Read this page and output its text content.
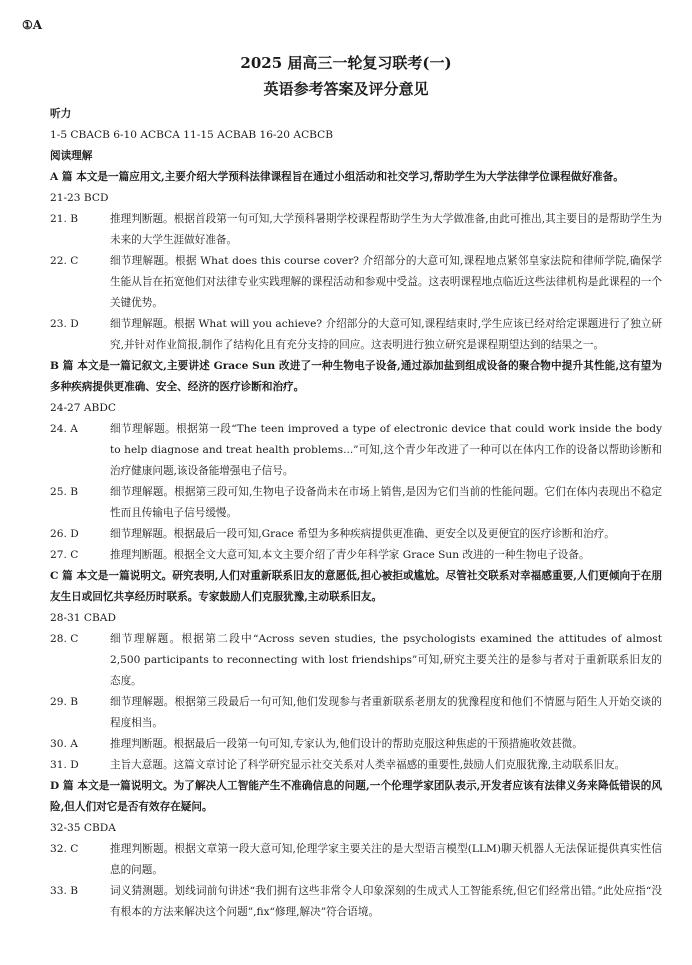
①A
2025 届高三一轮复习联考(一)
英语参考答案及评分意见
听力
1-5 CBACB 6-10 ACBCA 11-15 ACBAB 16-20 ACBCB
阅读理解
A 篇 本文是一篇应用文,主要介绍大学预科法律课程旨在通过小组活动和社交学习,帮助学生为大学法律学位课程做好准备。
21-23 BCD
21. B	推理判断题。根据首段第一句可知,大学预科暑期学校课程帮助学生为大学做准备,由此可推出,其主要目的是帮助学生为未来的大学生涯做好准备。
22. C	细节理解题。根据 What does this course cover? 介绍部分的大意可知,课程地点紧邻皇家法院和律师学院,确保学生能从旨在拓宽他们对法律专业实践理解的课程活动和参观中受益。这表明课程地点临近这些法律机构是此课程的一个关键优势。
23. D	细节理解题。根据 What will you achieve? 介绍部分的大意可知,课程结束时,学生应该已经对给定课题进行了独立研究,并针对作业简报,制作了结构化且有充分支持的回应。这表明进行独立研究是课程期望达到的结果之一。
B 篇 本文是一篇记叙文,主要讲述 Grace Sun 改进了一种生物电子设备,通过添加盐到组成设备的聚合物中提升其性能,这有望为多种疾病提供更准确、安全、经济的医疗诊断和治疗。
24-27 ABDC
24. A	细节理解题。根据第一段“The teen improved a type of electronic device that could work inside the body to help diagnose and treat health problems...”可知,这个青少年改进了一种可以在体内工作的设备以帮助诊断和治疗健康问题,该设备能增强电子信号。
25. B	细节理解题。根据第三段可知,生物电子设备尚未在市场上销售,是因为它们当前的性能问题。它们在体内表现出不稳定性而且传输电子信号缓慢。
26. D	细节理解题。根据最后一段可知,Grace 希望为多种疾病提供更准确、更安全以及更便宜的医疗诊断和治疗。
27. C	推理判断题。根据全文大意可知,本文主要介绍了青少年科学家 Grace Sun 改进的一种生物电子设备。
C 篇 本文是一篇说明文。研究表明,人们对重新联系旧友的意愿低,担心被拒或尴尬。尽管社交联系对幸福感重要,人们更倾向于在朋友生日或回忆共享经历时联系。专家鼓励人们克服犹豫,主动联系旧友。
28-31 CBAD
28. C	细节理解题。根据第二段中“Across seven studies, the psychologists examined the attitudes of almost 2,500 participants to reconnecting with lost friendships”可知,研究主要关注的是参与者对于重新联系旧友的态度。
29. B	细节理解题。根据第三段最后一句可知,他们发现参与者重新联系老朋友的犹豫程度和他们不情愿与陌生人开始交谈的程度相当。
30. A	推理判断题。根据最后一段第一句可知,专家认为,他们设计的帮助克服这种焦虑的干预措施收效甚微。
31. D	主旨大意题。这篇文章讨论了科学研究显示社交关系对人类幸福感的重要性,鼓励人们克服犹豫,主动联系旧友。
D 篇 本文是一篇说明文。为了解决人工智能产生不准确信息的问题,一个伦理学家团队表示,开发者应该有法律义务来降低错误的风险,但人们对它是否有效存在疑问。
32-35 CBDA
32. C	推理判断题。根据文章第一段大意可知,伦理学家主要关注的是大型语言模型(LLM)聊天机器人无法保证提供真实性信息的问题。
33. B	词义猜测题。划线词前句讲述“我们拥有这些非常令人印象深刻的生成式人工智能系统,但它们经常出错。”此处应指“没有根本的方法来解决这个问题”,fix“修理,解决”符合语境。
